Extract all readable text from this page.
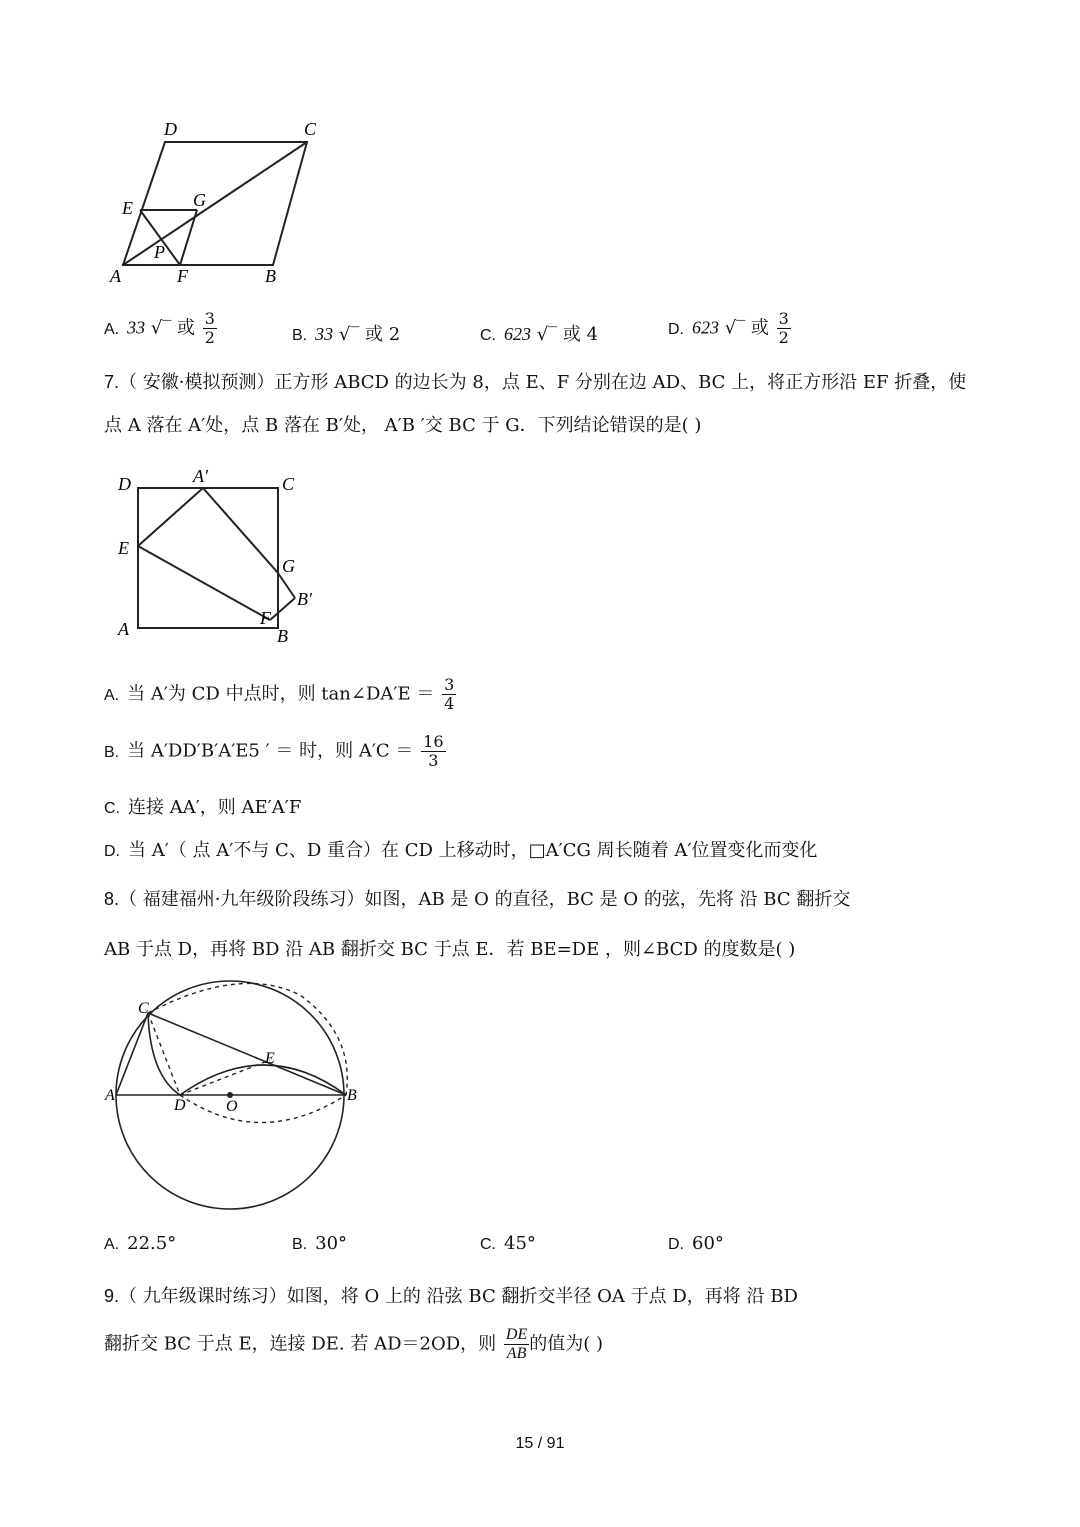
D	C
E	G
P
A	F	B
A. 33 √‾ 或 $\frac{3}{2}$	B. 33 √‾ 或 2	C. 623 √‾ 或 4	D. 623 √‾ 或 $\frac{3}{2}$
7.（ 安徽·模拟预测）正方形 ABCD 的边长为 8，点 E、F 分别在边 AD、BC 上，将正方形沿 EF 折叠，使
点 A 落在 A′处，点 B 落在 B′处， A′B ′交 BC 于 G．下列结论错误的是( )
D	A′	C
E
G
B′
F
A	B
A. 当 A′为 CD 中点时，则 tan∠DA′E ＝ $\frac{3}{4}$
B. 当 A′DD′B′A′E5 ′ ＝ 时，则 $A'C = \frac{16}{3}$
C. 连接 AA′，则 AE′A′F
D. 当 A′（ 点 A′不与 C、D 重合）在 CD 上移动时，□A′CG 周长随着 A′位置变化而变化
8.（ 福建福州·九年级阶段练习）如图，AB 是 O 的直径，BC 是 O 的弦，先将 沿 BC 翻折交
AB 于点 D，再将 BD 沿 AB 翻折交 BC 于点 E．若 BE=DE ，则∠BCD 的度数是( )
C
E
A
D	O
B
A. 22.5°	B. 30°	C. 45°	D. 60°
9.（ 九年级课时练习）如图，将 O 上的 沿弦 BC 翻折交半径 OA 于点 D，再将 沿 BD
翻折交 BC 于点 E，连接 DE. 若 AD＝2OD，则 $\frac{DE}{AB}$ 的值为( )
15 / 91
